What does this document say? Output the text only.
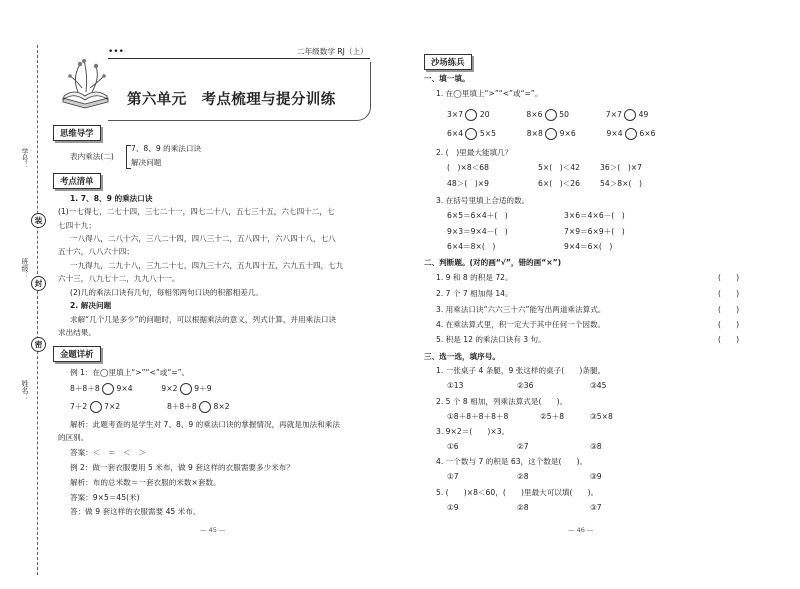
学号：
装
班级：
封
密
姓名：
•••	二年级数学 RJ（上）
第六单元　考点梳理与提分训练
思维导学
表内乘法(二)
7、8、9 的乘法口诀
解决问题
考点清单
1. 7、8、9 的乘法口诀
(1)一七得七，二七十四，三七二十一，四七二十八，五七三十五，六七四十二，七
七四十九；
一八得八，二八十六，三八二十四，四八三十二，五八四十，六八四十八，七八
五十六，八八六十四；
一九得九，二九十八，三九二十七，四九三十六，五九四十五，六九五十四，七九
六十三，八九七十二，九九八十一。
(2)几的乘法口诀有几句，每相邻两句口诀的积都相差几。
2. 解决问题
求解“几个几是多少”的问题时，可以根据乘法的意义，列式计算，并用乘法口诀
求出结果。
金题详析
例 1：在◯里填上“>”“<”或“=”。
8＋8＋8 9×4	9×2 9＋9
7＋2 7×2	8＋8＋8 8×2
解析：此题考查的是学生对 7、8、9 的乘法口诀的掌握情况，再就是加法和乘法
的区别。
答案：＜　＝　＜　＞
例 2：做一套衣服要用 5 米布，做 9 套这样的衣服需要多少米布？
解析：布的总米数＝一套衣服的米数×套数。
答案：9×5＝45(米)
答：做 9 套这样的衣服需要 45 米布。
— 45 —
沙场练兵
一、填一填。
1. 在◯里填上“>”“<”或“=”。
3×7 20	8×6 50	7×7 49
6×4 5×5	8×8 9×6	9×4 6×6
2. (　)里最大能填几？
(　)×8＜68	5×(　)＜42	36＞(　)×7
48＞(　)×9	6×(　)＜26	54＞8×(　)
3. 在括号里填上合适的数。
6×5＝6×4＋(　)	3×6＝4×6－(　)
9×3＝9×4－(　)	7×9＝6×9＋(　)
6×4＝8×(　)	9×4＝6×(　)
二、判断题。(对的画“√”，错的画“×”)
1. 9 和 8 的积是 72。	(　　)
2. 7 个 7 相加得 14。	(　　)
3. 用乘法口诀“六六三十六”能写出两道乘法算式。	(　　)
4. 在乘法算式里，积一定大于其中任何一个因数。	(　　)
5. 积是 12 的乘法口诀有 3 句。	(　　)
三、选一选，填序号。
1. 一张桌子 4 条腿，9 张这样的桌子(　　)条腿。
①13	②36	③45
2. 5 个 8 相加，列乘法算式是(　　)。
①8＋8＋8＋8＋8	②5＋8	③5×8
3. 9×2＝(　　)×3。
①6	②7	③8
4. 一个数与 7 的积是 63，这个数是(　　)。
①7	②8	③9
5. (　　)×8＜60，(　　)里最大可以填(　　)。
①9	②8	③7
— 46 —
